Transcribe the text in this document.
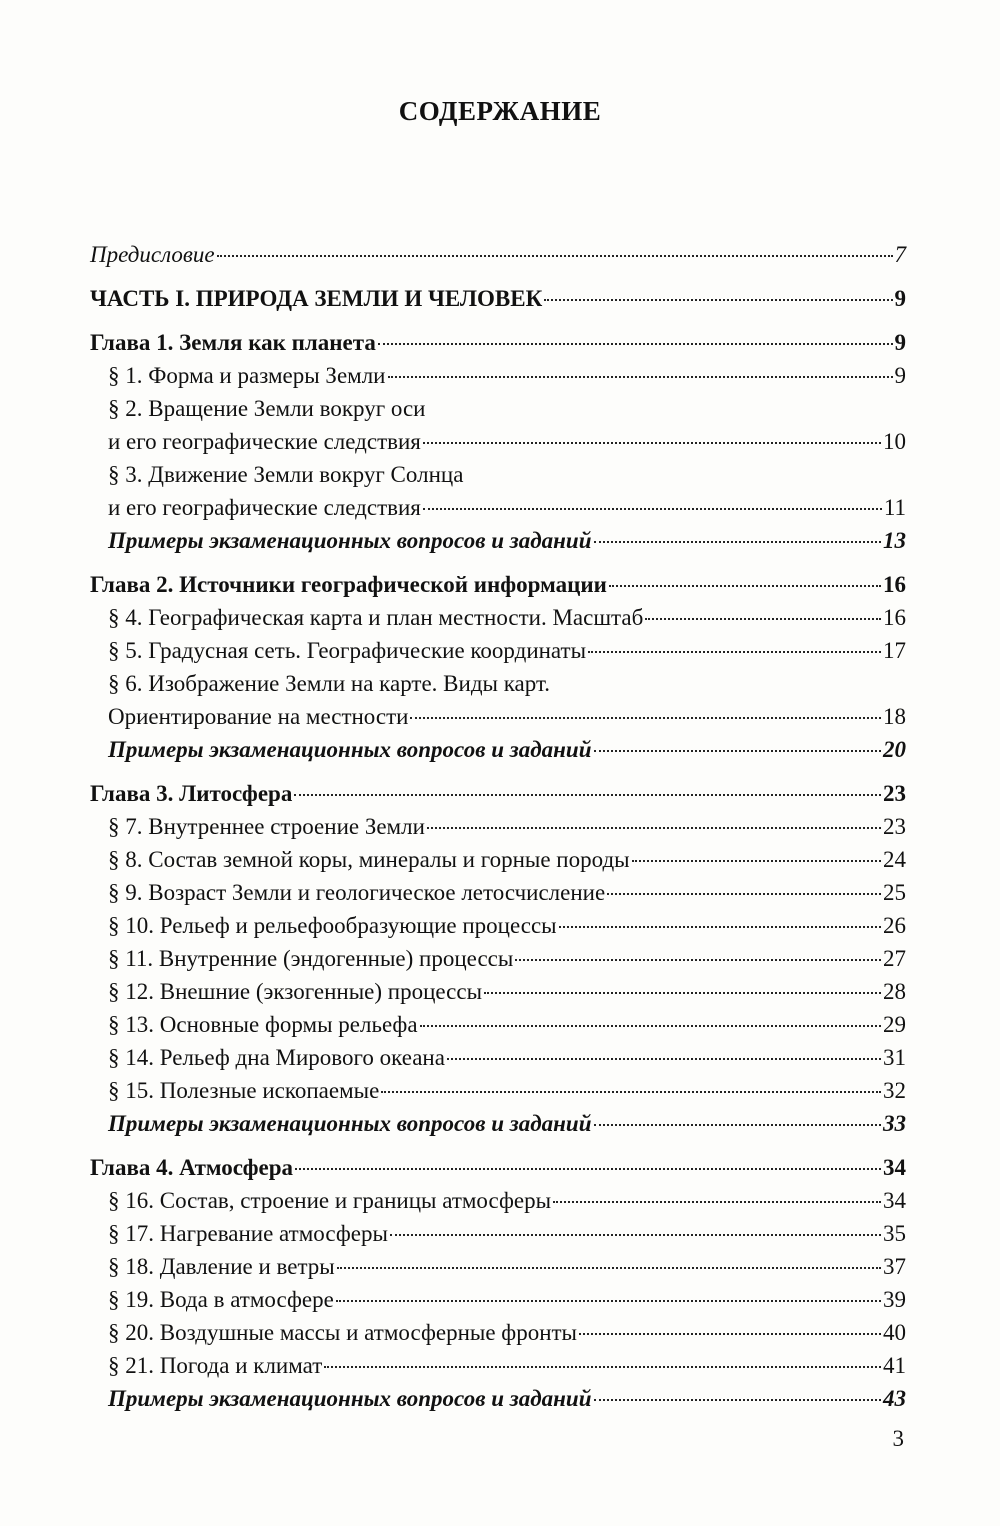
СОДЕРЖАНИЕ
Предисловие	7
ЧАСТЬ I. ПРИРОДА ЗЕМЛИ И ЧЕЛОВЕК	9
Глава 1. Земля как планета	9
§ 1. Форма и размеры Земли	9
§ 2. Вращение Земли вокруг оси
и его географические следствия	10
§ 3. Движение Земли вокруг Солнца
и его географические следствия	11
Примеры экзаменационных вопросов и заданий	13
Глава 2. Источники географической информации	16
§ 4. Географическая карта и план местности. Масштаб	16
§ 5. Градусная сеть. Географические координаты	17
§ 6. Изображение Земли на карте. Виды карт.
Ориентирование на местности	18
Примеры экзаменационных вопросов и заданий	20
Глава 3. Литосфера	23
§ 7. Внутреннее строение Земли	23
§ 8. Состав земной коры, минералы и горные породы	24
§ 9. Возраст Земли и геологическое летосчисление	25
§ 10. Рельеф и рельефообразующие процессы	26
§ 11. Внутренние (эндогенные) процессы	27
§ 12. Внешние (экзогенные) процессы	28
§ 13. Основные формы рельефа	29
§ 14. Рельеф дна Мирового океана	31
§ 15. Полезные ископаемые	32
Примеры экзаменационных вопросов и заданий	33
Глава 4. Атмосфера	34
§ 16. Состав, строение и границы атмосферы	34
§ 17. Нагревание атмосферы	35
§ 18. Давление и ветры	37
§ 19. Вода в атмосфере	39
§ 20. Воздушные массы и атмосферные фронты	40
§ 21. Погода и климат	41
Примеры экзаменационных вопросов и заданий	43
3
